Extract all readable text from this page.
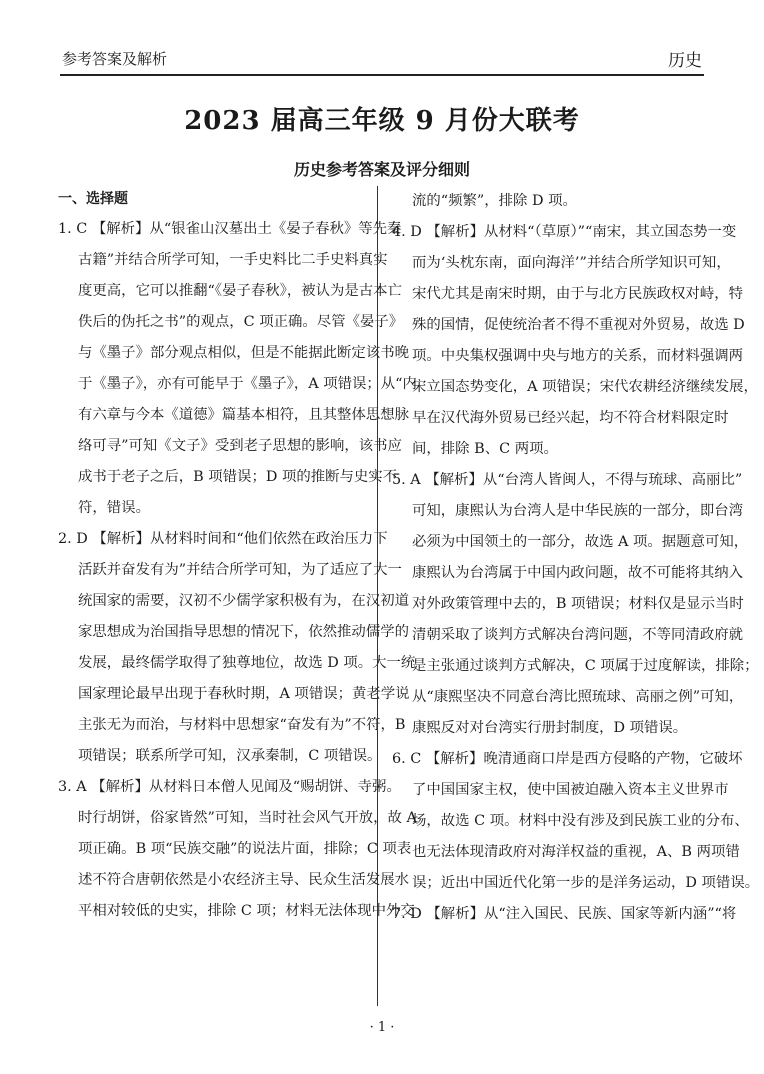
参考答案及解析	历史
2023 届高三年级 9 月份大联考
历史参考答案及评分细则
一、选择题
1. C 【解析】从“银雀山汉墓出土《晏子春秋》等先秦
古籍”并结合所学可知，一手史料比二手史料真实
度更高，它可以推翻“《晏子春秋》，被认为是古本亡
佚后的伪托之书”的观点，C 项正确。尽管《晏子》
与《墨子》部分观点相似，但是不能据此断定该书晚
于《墨子》，亦有可能早于《墨子》，A 项错误；从“内
有六章与今本《道德》篇基本相符，且其整体思想脉
络可寻”可知《文子》受到老子思想的影响，该书应
成书于老子之后，B 项错误；D 项的推断与史实不
符，错误。
2. D 【解析】从材料时间和“他们依然在政治压力下
活跃并奋发有为”并结合所学可知，为了适应了大一
统国家的需要，汉初不少儒学家积极有为，在汉初道
家思想成为治国指导思想的情况下，依然推动儒学的
发展，最终儒学取得了独尊地位，故选 D 项。大一统
国家理论最早出现于春秋时期，A 项错误；黄老学说
主张无为而治，与材料中思想家“奋发有为”不符，B
项错误；联系所学可知，汉承秦制，C 项错误。
3. A 【解析】从材料日本僧人见闻及“赐胡饼、寺粥。
时行胡饼，俗家皆然”可知，当时社会风气开放，故 A
项正确。B 项“民族交融”的说法片面，排除；C 项表
述不符合唐朝依然是小农经济主导、民众生活发展水
平相对较低的史实，排除 C 项；材料无法体现中外交
流的“频繁”，排除 D 项。
4. D 【解析】从材料“（草原）”“南宋，其立国态势一变
而为‘头枕东南，面向海洋’”并结合所学知识可知，
宋代尤其是南宋时期，由于与北方民族政权对峙，特
殊的国情，促使统治者不得不重视对外贸易，故选 D
项。中央集权强调中央与地方的关系，而材料强调两
宋立国态势变化，A 项错误；宋代农耕经济继续发展，
早在汉代海外贸易已经兴起，均不符合材料限定时
间，排除 B、C 两项。
5. A 【解析】从“台湾人皆闽人，不得与琉球、高丽比”
可知，康熙认为台湾人是中华民族的一部分，即台湾
必须为中国领土的一部分，故选 A 项。据题意可知，
康熙认为台湾属于中国内政问题，故不可能将其纳入
对外政策管理中去的，B 项错误；材料仅是显示当时
清朝采取了谈判方式解决台湾问题，不等同清政府就
是主张通过谈判方式解决，C 项属于过度解读，排除；
从“康熙坚决不同意台湾比照琉球、高丽之例”可知，
康熙反对对台湾实行册封制度，D 项错误。
6. C 【解析】晚清通商口岸是西方侵略的产物，它破坏
了中国国家主权，使中国被迫融入资本主义世界市
场，故选 C 项。材料中没有涉及到民族工业的分布、
也无法体现清政府对海洋权益的重视，A、B 两项错
误；近出中国近代化第一步的是洋务运动，D 项错误。
7. D 【解析】从“注入国民、民族、国家等新内涵”“将
· 1 ·
